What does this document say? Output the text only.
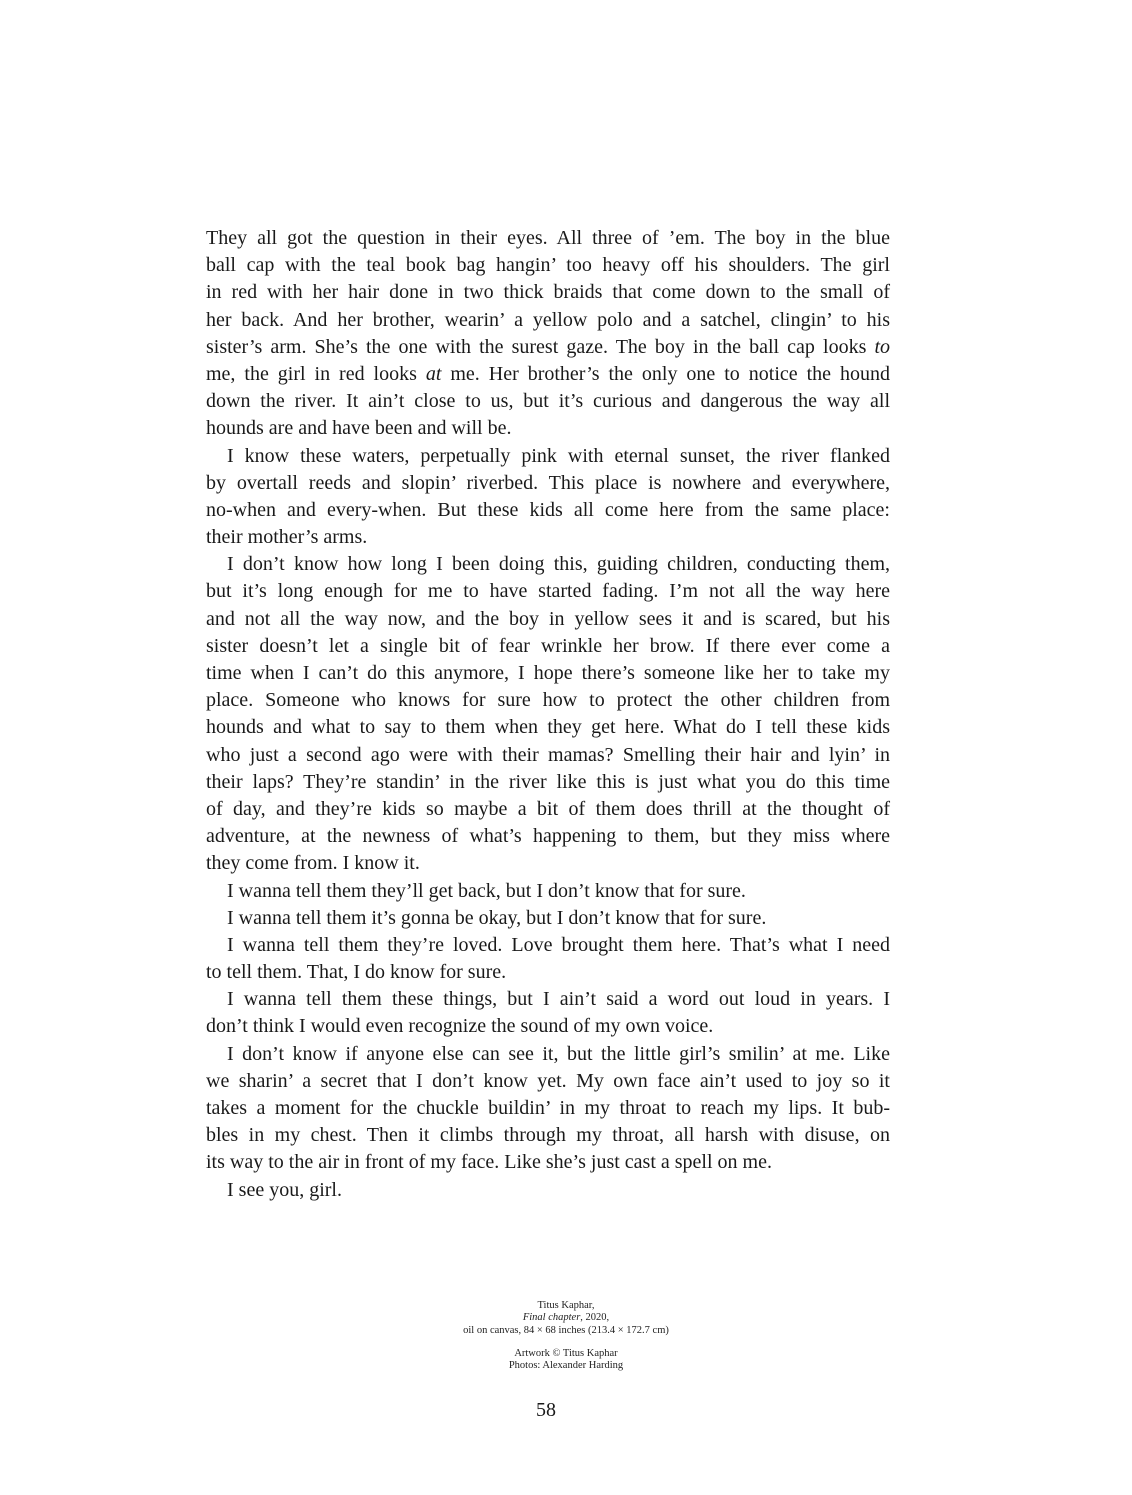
They all got the question in their eyes. All three of ’em. The boy in the blue
ball cap with the teal book bag hangin’ too heavy off his shoulders. The girl
in red with her hair done in two thick braids that come down to the small of
her back. And her brother, wearin’ a yellow polo and a satchel, clingin’ to his
sister’s arm. She’s the one with the surest gaze. The boy in the ball cap looks to
me, the girl in red looks at me. Her brother’s the only one to notice the hound
down the river. It ain’t close to us, but it’s curious and dangerous the way all
hounds are and have been and will be.
I know these waters, perpetually pink with eternal sunset, the river flanked
by overtall reeds and slopin’ riverbed. This place is nowhere and everywhere,
no-when and every-when. But these kids all come here from the same place:
their mother’s arms.
I don’t know how long I been doing this, guiding children, conducting them,
but it’s long enough for me to have started fading. I’m not all the way here
and not all the way now, and the boy in yellow sees it and is scared, but his
sister doesn’t let a single bit of fear wrinkle her brow. If there ever come a
time when I can’t do this anymore, I hope there’s someone like her to take my
place. Someone who knows for sure how to protect the other children from
hounds and what to say to them when they get here. What do I tell these kids
who just a second ago were with their mamas? Smelling their hair and lyin’ in
their laps? They’re standin’ in the river like this is just what you do this time
of day, and they’re kids so maybe a bit of them does thrill at the thought of
adventure, at the newness of what’s happening to them, but they miss where
they come from. I know it.
I wanna tell them they’ll get back, but I don’t know that for sure.
I wanna tell them it’s gonna be okay, but I don’t know that for sure.
I wanna tell them they’re loved. Love brought them here. That’s what I need
to tell them. That, I do know for sure.
I wanna tell them these things, but I ain’t said a word out loud in years. I
don’t think I would even recognize the sound of my own voice.
I don’t know if anyone else can see it, but the little girl’s smilin’ at me. Like
we sharin’ a secret that I don’t know yet. My own face ain’t used to joy so it
takes a moment for the chuckle buildin’ in my throat to reach my lips. It bub-
bles in my chest. Then it climbs through my throat, all harsh with disuse, on
its way to the air in front of my face. Like she’s just cast a spell on me.
I see you, girl.
Titus Kaphar,
Final chapter, 2020,
oil on canvas, 84 × 68 inches (213.4 × 172.7 cm)
Artwork © Titus Kaphar
Photos: Alexander Harding
58
